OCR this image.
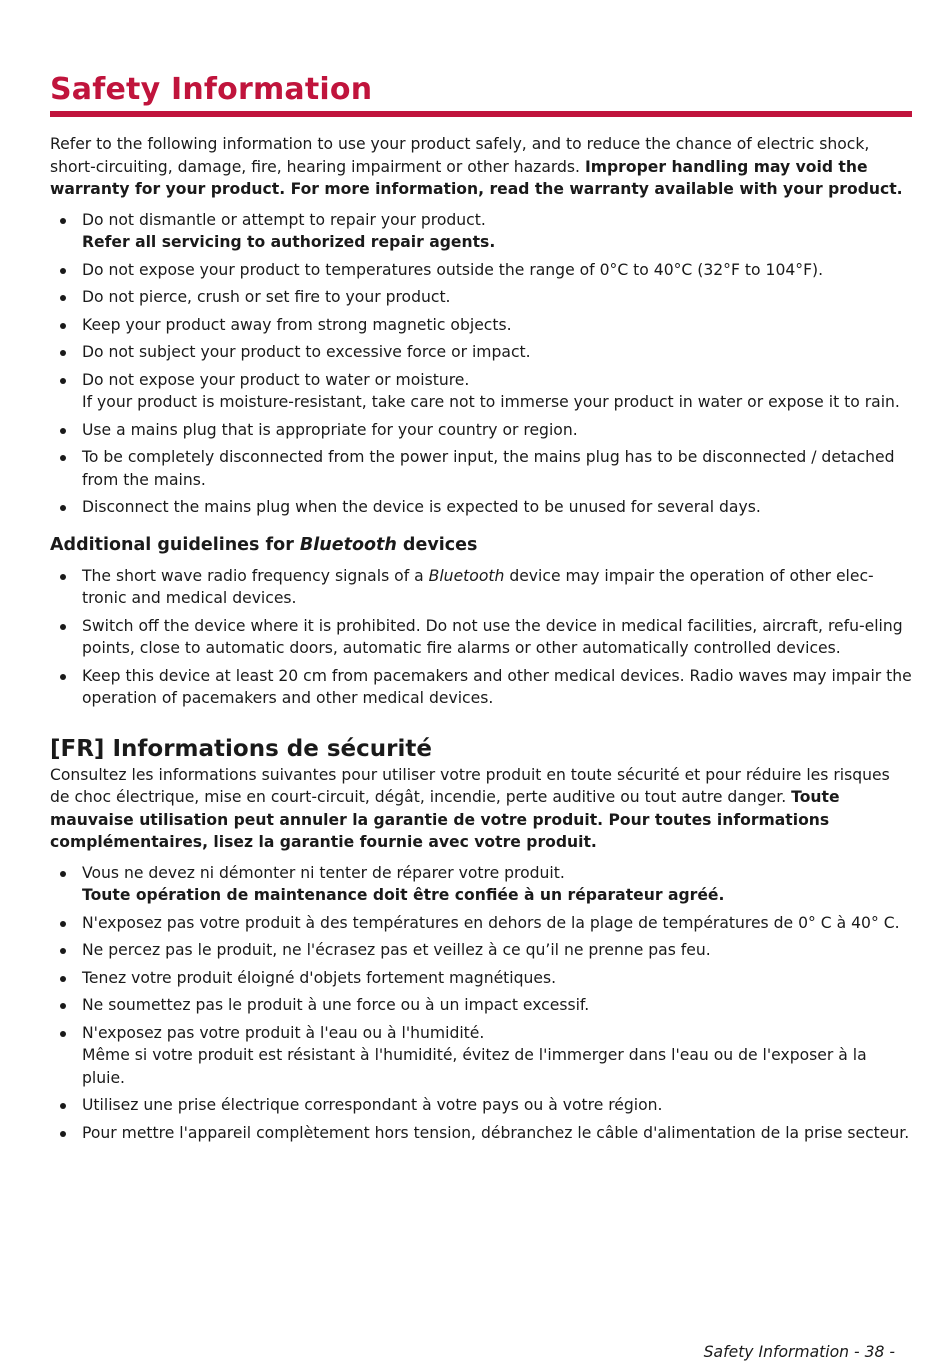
Safety Information

Refer to the following information to use your product safely, and to reduce the chance of electric shock, short-circuiting, damage, fire, hearing impairment or other hazards. Improper handling may void the warranty for your product. For more information, read the warranty available with your product.

Do not dismantle or attempt to repair your product.
Refer all servicing to authorized repair agents.
Do not expose your product to temperatures outside the range of 0°C to 40°C (32°F to 104°F).
Do not pierce, crush or set fire to your product.
Keep your product away from strong magnetic objects.
Do not subject your product to excessive force or impact.
Do not expose your product to water or moisture.
If your product is moisture-resistant, take care not to immerse your product in water or expose it to rain.
Use a mains plug that is appropriate for your country or region.
To be completely disconnected from the power input, the mains plug has to be disconnected / detached from the mains.
Disconnect the mains plug when the device is expected to be unused for several days.
Additional guidelines for Bluetooth devices
The short wave radio frequency signals of a Bluetooth device may impair the operation of other elec-tronic and medical devices.
Switch off the device where it is prohibited. Do not use the device in medical facilities, aircraft, refu-eling points, close to automatic doors, automatic fire alarms or other automatically controlled devices.
Keep this device at least 20 cm from pacemakers and other medical devices. Radio waves may impair the operation of pacemakers and other medical devices.
[FR] Informations de sécurité

Consultez les informations suivantes pour utiliser votre produit en toute sécurité et pour réduire les risques de choc électrique, mise en court-circuit, dégât, incendie, perte auditive ou tout autre danger. Toute mauvaise utilisation peut annuler la garantie de votre produit. Pour toutes informations complémentaires, lisez la garantie fournie avec votre produit.

Vous ne devez ni démonter ni tenter de réparer votre produit.
Toute opération de maintenance doit être confiée à un réparateur agréé.
N'exposez pas votre produit à des températures en dehors de la plage de températures de 0° C à 40° C.
Ne percez pas le produit, ne l'écrasez pas et veillez à ce qu’il ne prenne pas feu.
Tenez votre produit éloigné d'objets fortement magnétiques.
Ne soumettez pas le produit à une force ou à un impact excessif.
N'exposez pas votre produit à l'eau ou à l'humidité.
Même si votre produit est résistant à l'humidité, évitez de l'immerger dans l'eau ou de l'exposer à la pluie.
Utilisez une prise électrique correspondant à votre pays ou à votre région.
Pour mettre l'appareil complètement hors tension, débranchez le câble d'alimentation de la prise secteur.
Safety Information - 38 -
